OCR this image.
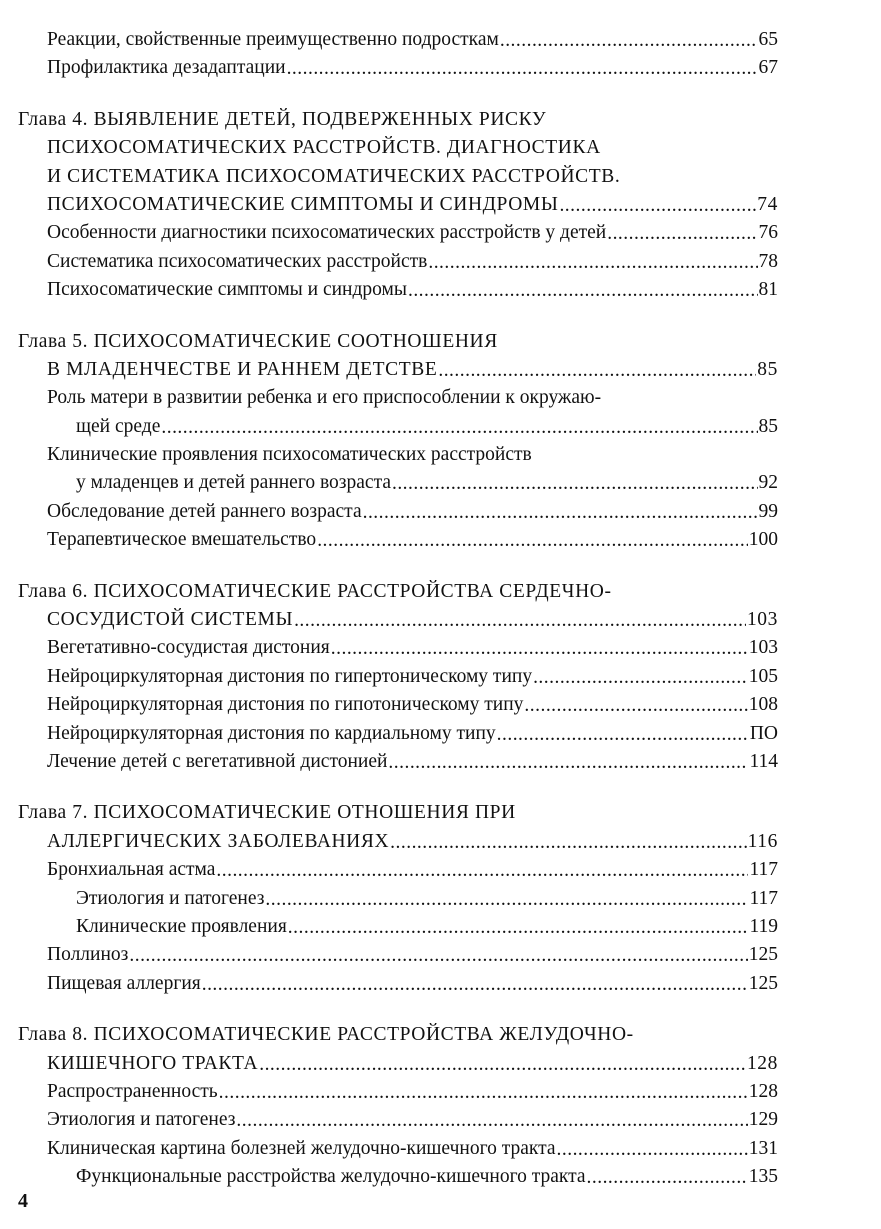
Реакции, свойственные преимущественно подросткам . . .	65
Профилактика дезадаптации . . .	67
Глава 4. ВЫЯВЛЕНИЕ ДЕТЕЙ, ПОДВЕРЖЕННЫХ РИСКУ
ПСИХОСОМАТИЧЕСКИХ РАССТРОЙСТВ. ДИАГНОСТИКА
И СИСТЕМАТИКА ПСИХОСОМАТИЧЕСКИХ РАССТРОЙСТВ.
ПСИХОСОМАТИЧЕСКИЕ СИМПТОМЫ И СИНДРОМЫ . . .	74
Особенности диагностики психосоматических расстройств у детей . . .	76
Систематика психосоматических расстройств . . .	78
Психосоматические симптомы и синдромы . . .	81
Глава 5. ПСИХОСОМАТИЧЕСКИЕ СООТНОШЕНИЯ
В МЛАДЕНЧЕСТВЕ И РАННЕМ ДЕТСТВЕ . . .	85
Роль матери в развитии ребенка и его приспособлении к окружаю-
щей среде . . .	85
Клинические проявления психосоматических расстройств
у младенцев и детей раннего возраста . . .	92
Обследование детей раннего возраста . . .	99
Терапевтическое вмешательство . . .	100
Глава 6. ПСИХОСОМАТИЧЕСКИЕ РАССТРОЙСТВА СЕРДЕЧНО-
СОСУДИСТОЙ СИСТЕМЫ . . .	103
Вегетативно-сосудистая дистония . . .	103
Нейроциркуляторная дистония по гипертоническому типу . . .	105
Нейроциркуляторная дистония по гипотоническому типу . . .	108
Нейроциркуляторная дистония по кардиальному типу . . .	ПО
Лечение детей с вегетативной дистонией . . .	114
Глава 7. ПСИХОСОМАТИЧЕСКИЕ ОТНОШЕНИЯ ПРИ
АЛЛЕРГИЧЕСКИХ ЗАБОЛЕВАНИЯХ . . .	116
Бронхиальная астма . . .	117
Этиология и патогенез . . .	117
Клинические проявления . . .	119
Поллиноз . . .	125
Пищевая аллергия . . .	125
Глава 8. ПСИХОСОМАТИЧЕСКИЕ РАССТРОЙСТВА ЖЕЛУДОЧНО-
КИШЕЧНОГО ТРАКТА . . .	128
Распространенность . . .	128
Этиология и патогенез . . .	129
Клиническая картина болезней желудочно-кишечного тракта . . .	131
Функциональные расстройства желудочно-кишечного тракта . . .	135
4
